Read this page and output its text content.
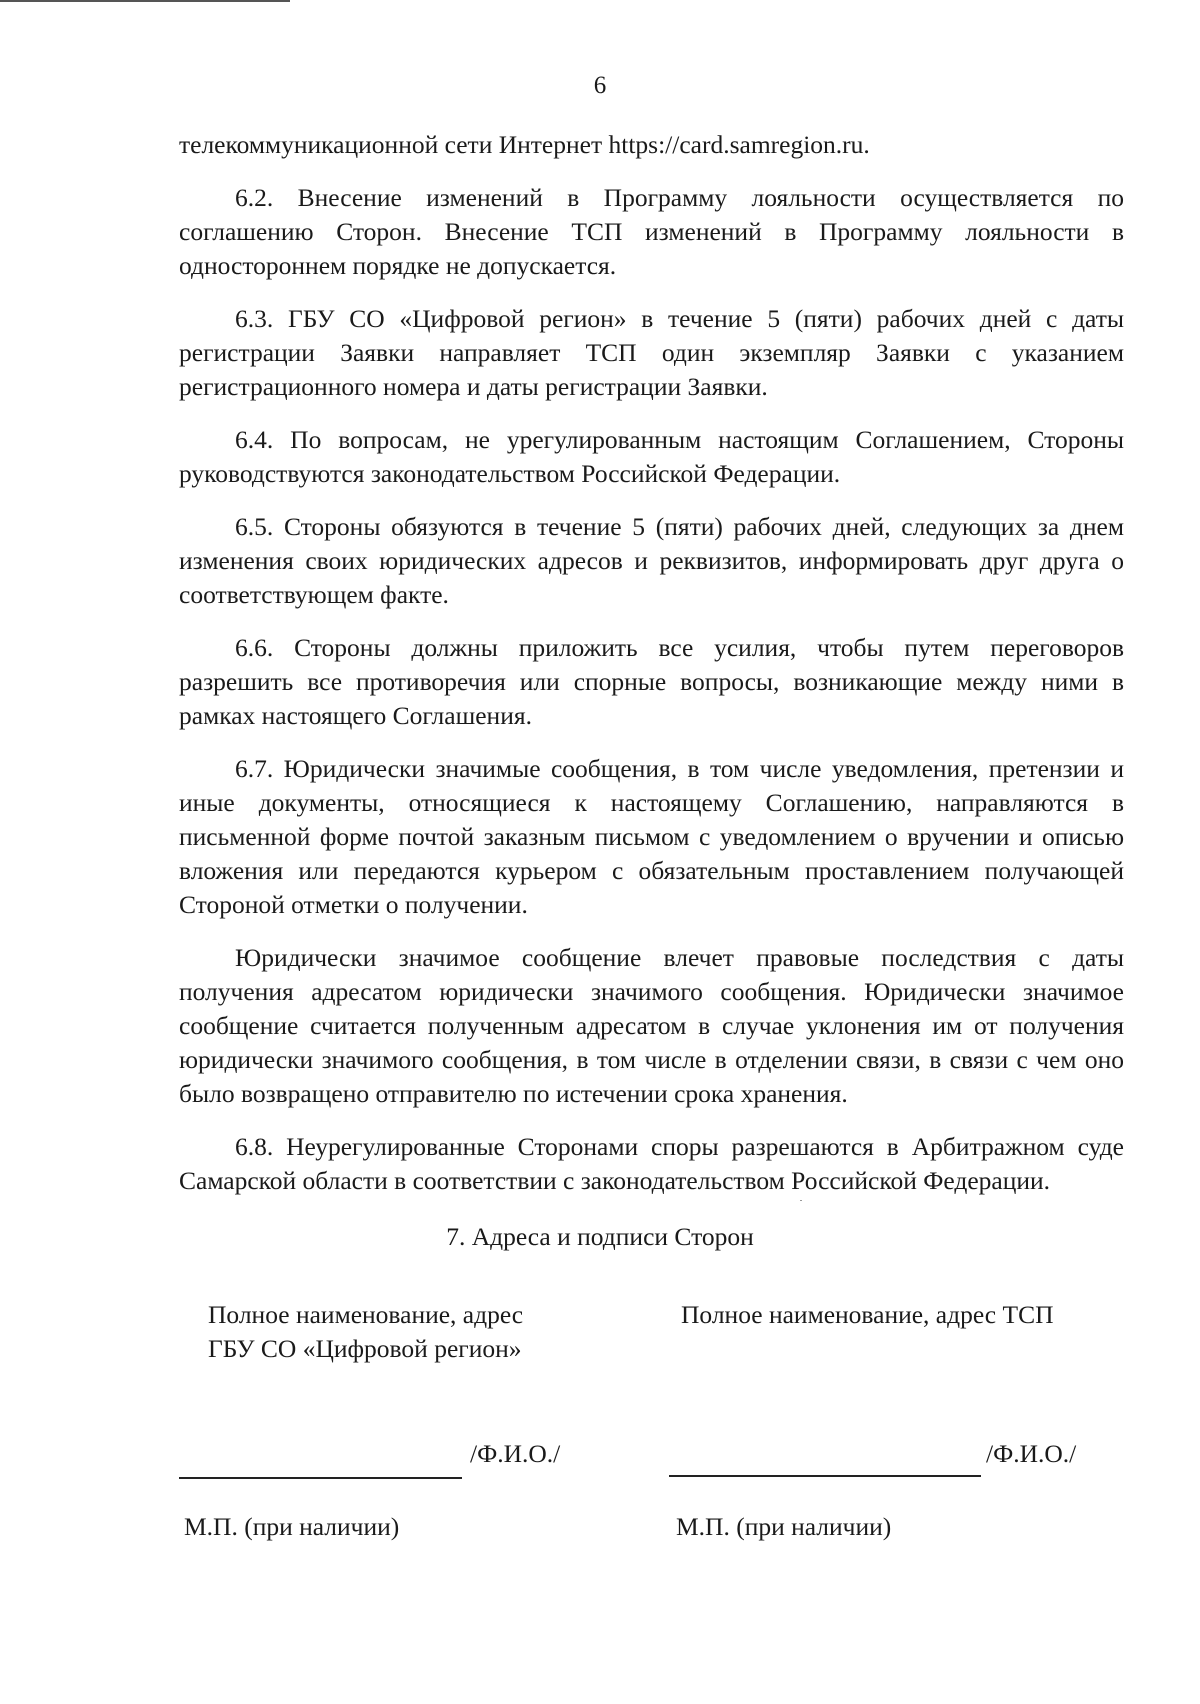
6

телекоммуникационной сети Интернет https://card.samregion.ru.

6.2. Внесение изменений в Программу лояльности осуществляется по соглашению Сторон. Внесение ТСП изменений в Программу лояльности в одностороннем порядке не допускается.

6.3. ГБУ СО «Цифровой регион» в течение 5 (пяти) рабочих дней с даты регистрации Заявки направляет ТСП один экземпляр Заявки с указанием регистрационного номера и даты регистрации Заявки.

6.4. По вопросам, не урегулированным настоящим Соглашением, Стороны руководствуются законодательством Российской Федерации.

6.5. Стороны обязуются в течение 5 (пяти) рабочих дней, следующих за днем изменения своих юридических адресов и реквизитов, информировать друг друга о соответствующем факте.

6.6. Стороны должны приложить все усилия, чтобы путем переговоров разрешить все противоречия или спорные вопросы, возникающие между ними в рамках настоящего Соглашения.

6.7. Юридически значимые сообщения, в том числе уведомления, претензии и иные документы, относящиеся к настоящему Соглашению, направляются в письменной форме почтой заказным письмом с уведомлением о вручении и описью вложения или передаются курьером с обязательным проставлением получающей Стороной отметки о получении.

Юридически значимое сообщение влечет правовые последствия с даты получения адресатом юридически значимого сообщения. Юридически значимое сообщение считается полученным адресатом в случае уклонения им от получения юридически значимого сообщения, в том числе в отделении связи, в связи с чем оно было возвращено отправителю по истечении срока хранения.

6.8. Неурегулированные Сторонами споры разрешаются в Арбитражном суде Самарской области в соответствии с законодательством Российской Федерации.

7. Адреса и подписи Сторон
Полное наименование, адрес
ГБУ СО «Цифровой регион»
Полное наименование, адрес ТСП
/Ф.И.О./	/Ф.И.О./
М.П. (при наличии)	М.П. (при наличии)
